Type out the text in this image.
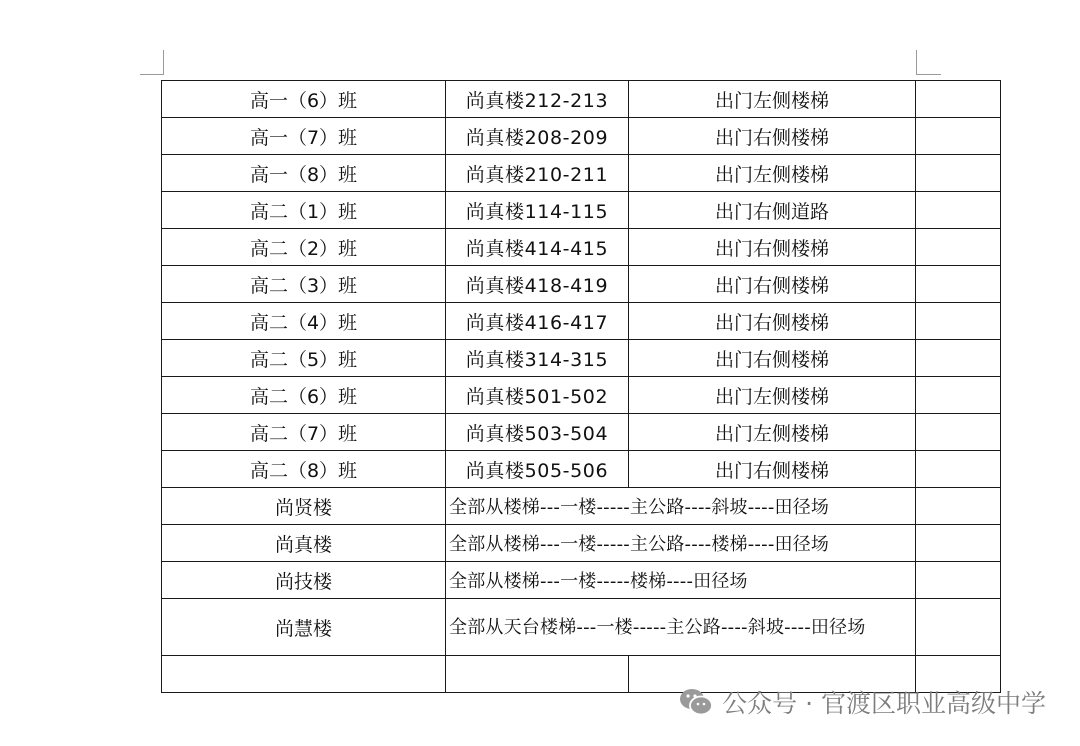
高一（6）班	尚真楼212-213	出门左侧楼梯	
高一（7）班	尚真楼208-209	出门右侧楼梯	
高一（8）班	尚真楼210-211	出门左侧楼梯	
高二（1）班	尚真楼114-115	出门右侧道路	
高二（2）班	尚真楼414-415	出门右侧楼梯	
高二（3）班	尚真楼418-419	出门右侧楼梯	
高二（4）班	尚真楼416-417	出门右侧楼梯	
高二（5）班	尚真楼314-315	出门右侧楼梯	
高二（6）班	尚真楼501-502	出门左侧楼梯	
高二（7）班	尚真楼503-504	出门左侧楼梯	
高二（8）班	尚真楼505-506	出门右侧楼梯	
尚贤楼	全部从楼梯---一楼-----主公路----斜坡----田径场		
尚真楼	全部从楼梯---一楼-----主公路----楼梯----田径场		
尚技楼	全部从楼梯---一楼-----楼梯----田径场		
尚慧楼	全部从天台楼梯---一楼-----主公路----斜坡----田径场		

公众号 · 官渡区职业高级中学
